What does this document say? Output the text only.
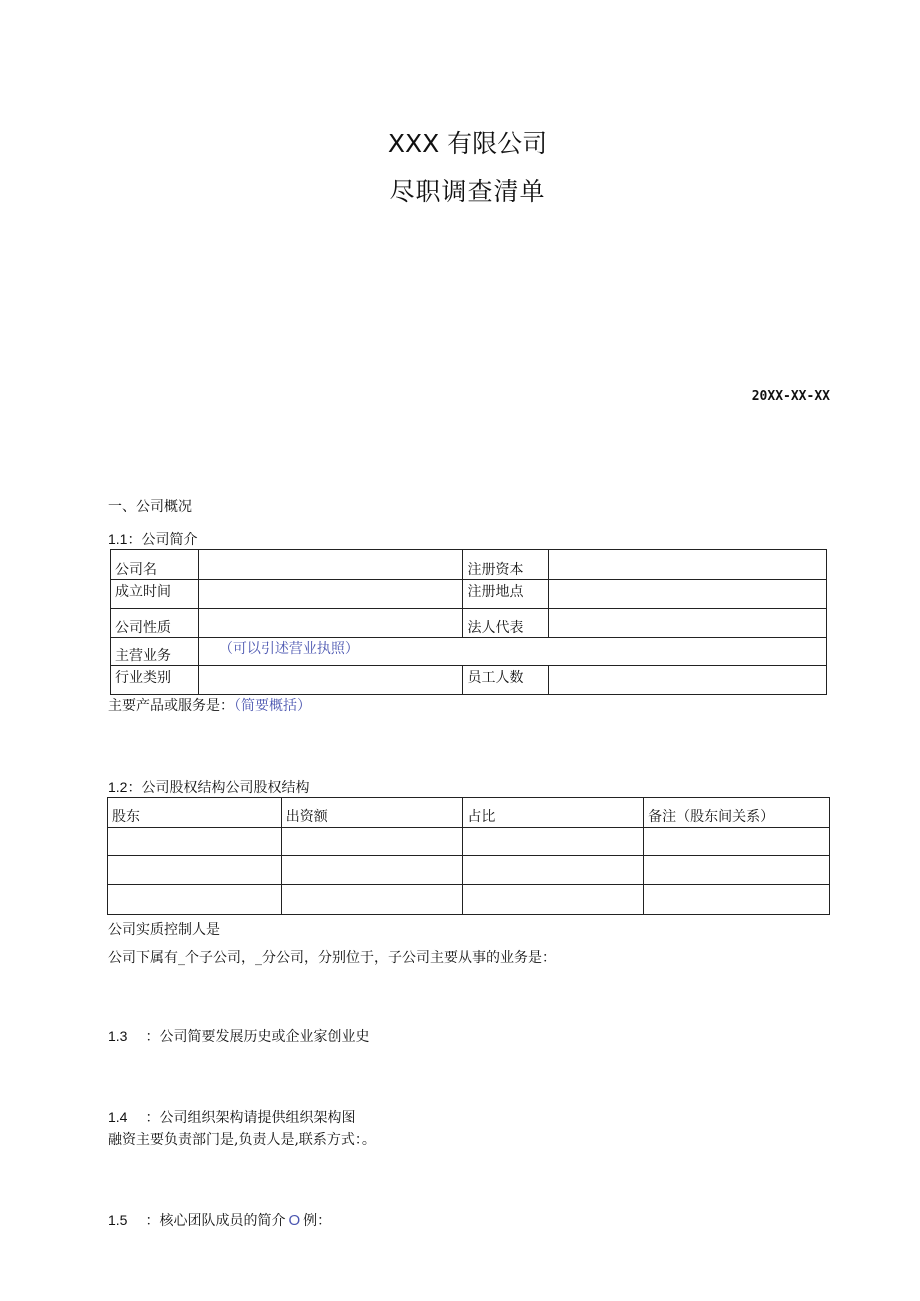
XXX 有限公司
尽职调查清单
20XX-XX-XX
一、公司概况
1.1：公司简介
公司名		注册资本	
成立时间		注册地点	
公司性质		法人代表	
主营业务	（可以引述营业执照）		
行业类别		员工人数	
主要产品或服务是：（简要概括）
1.2：公司股权结构公司股权结构
股东	出资额	占比	备注（股东间关系）

公司实质控制人是
公司下属有_个子公司，_分公司，分别位于，子公司主要从事的业务是：
1.3 ：公司简要发展历史或企业家创业史
1.4 ：公司组织架构请提供组织架构图
融资主要负责部门是,负责人是,联系方式：。
1.5 ：核心团队成员的简介 O 例：
